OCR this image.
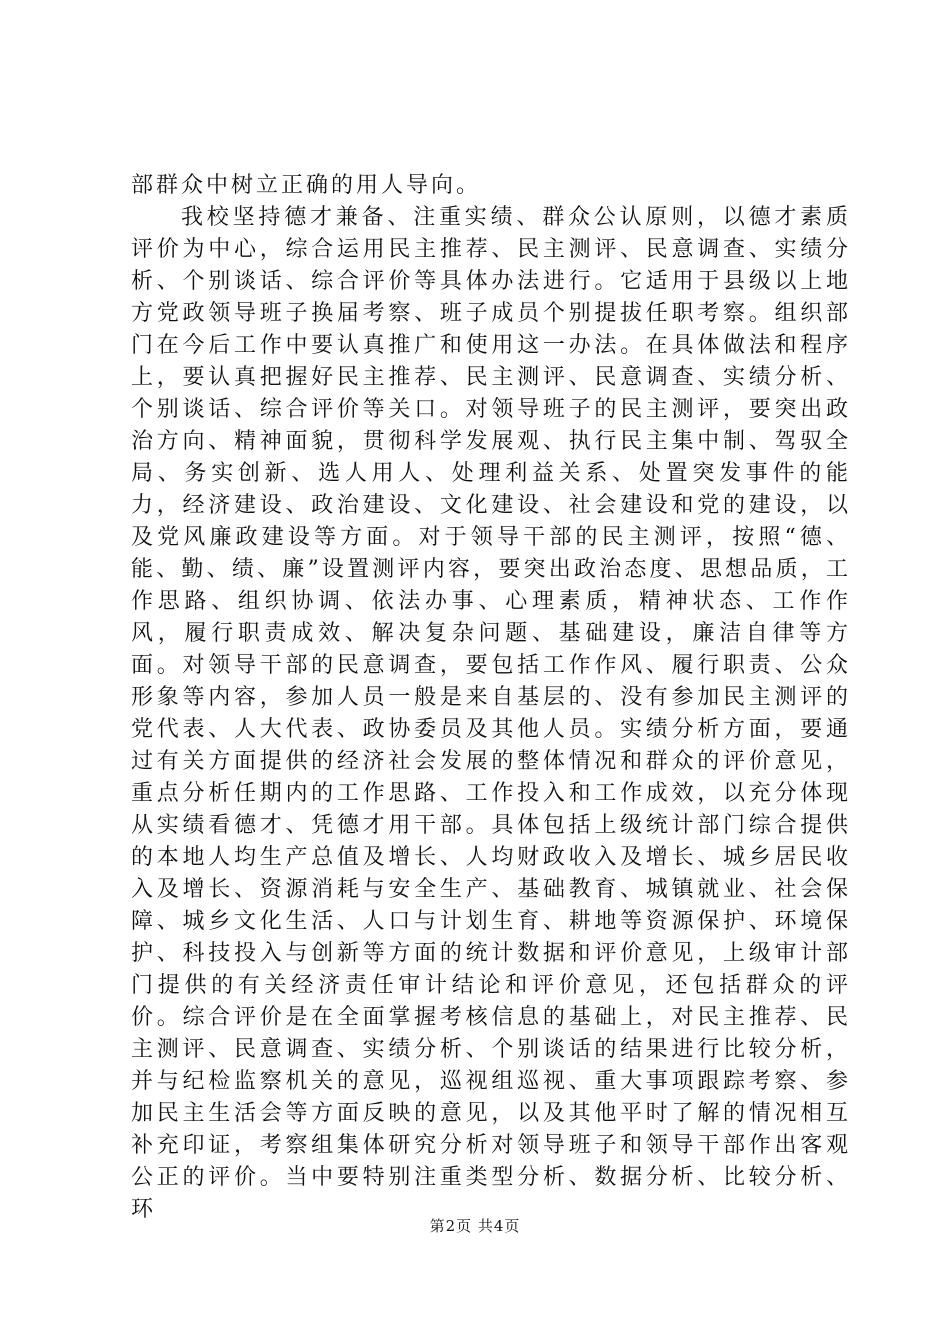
部群众中树立正确的用人导向。

我校坚持德才兼备、注重实绩、群众公认原则，以德才素质评价为中心，综合运用民主推荐、民主测评、民意调查、实绩分析、个别谈话、综合评价等具体办法进行。它适用于县级以上地方党政领导班子换届考察、班子成员个别提拔任职考察。组织部门在今后工作中要认真推广和使用这一办法。在具体做法和程序上，要认真把握好民主推荐、民主测评、民意调查、实绩分析、个别谈话、综合评价等关口。对领导班子的民主测评，要突出政治方向、精神面貌，贯彻科学发展观、执行民主集中制、驾驭全局、务实创新、选人用人、处理利益关系、处置突发事件的能力，经济建设、政治建设、文化建设、社会建设和党的建设，以及党风廉政建设等方面。对于领导干部的民主测评，按照“德、能、勤、绩、廉”设置测评内容，要突出政治态度、思想品质，工作思路、组织协调、依法办事、心理素质，精神状态、工作作风，履行职责成效、解决复杂问题、基础建设，廉洁自律等方面。对领导干部的民意调查，要包括工作作风、履行职责、公众形象等内容，参加人员一般是来自基层的、没有参加民主测评的党代表、人大代表、政协委员及其他人员。实绩分析方面，要通过有关方面提供的经济社会发展的整体情况和群众的评价意见，重点分析任期内的工作思路、工作投入和工作成效，以充分体现从实绩看德才、凭德才用干部。具体包括上级统计部门综合提供的本地人均生产总值及增长、人均财政收入及增长、城乡居民收入及增长、资源消耗与安全生产、基础教育、城镇就业、社会保障、城乡文化生活、人口与计划生育、耕地等资源保护、环境保护、科技投入与创新等方面的统计数据和评价意见，上级审计部门提供的有关经济责任审计结论和评价意见，还包括群众的评价。综合评价是在全面掌握考核信息的基础上，对民主推荐、民主测评、民意调查、实绩分析、个别谈话的结果进行比较分析，并与纪检监察机关的意见，巡视组巡视、重大事项跟踪考察、参加民主生活会等方面反映的意见，以及其他平时了解的情况相互补充印证，考察组集体研究分析对领导班子和领导干部作出客观公正的评价。当中要特别注重类型分析、数据分析、比较分析、环

第2页 共4页
